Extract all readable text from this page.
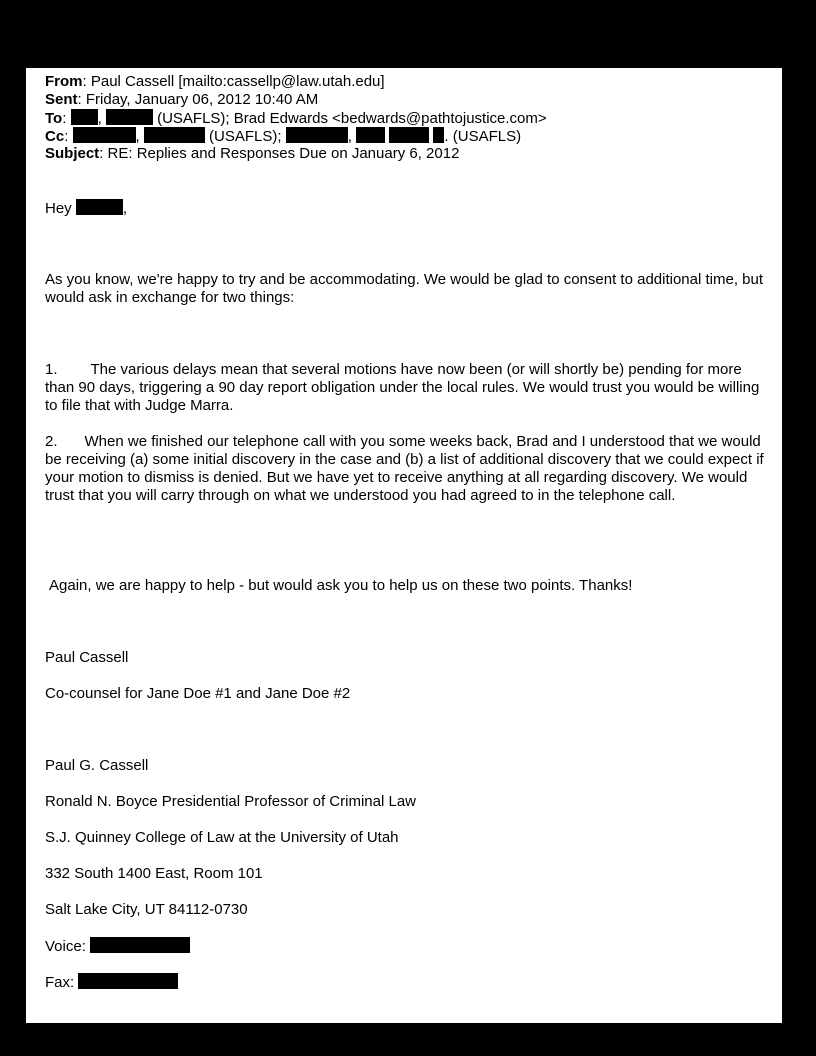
From: Paul Cassell [mailto:cassellp@law.utah.edu]
Sent: Friday, January 06, 2012 10:40 AM
To: ,	(USAFLS); Brad Edwards <bedwards@pathtojustice.com>
Cc:	,	(USAFLS);	,	. (USAFLS)
Subject: RE: Replies and Responses Due on January 6, 2012
Hey	,
As you know, we're happy to try and be accommodating. We would be glad to consent to additional time, but would ask in exchange for two things:
1. The various delays mean that several motions have now been (or will shortly be) pending for more than 90 days, triggering a 90 day report obligation under the local rules. We would trust you would be willing to file that with Judge Marra.
2. When we finished our telephone call with you some weeks back, Brad and I understood that we would be receiving (a) some initial discovery in the case and (b) a list of additional discovery that we could expect if your motion to dismiss is denied. But we have yet to receive anything at all regarding discovery. We would trust that you will carry through on what we understood you had agreed to in the telephone call.
Again, we are happy to help - but would ask you to help us on these two points. Thanks!
Paul Cassell
Co-counsel for Jane Doe #1 and Jane Doe #2
Paul G. Cassell
Ronald N. Boyce Presidential Professor of Criminal Law
S.J. Quinney College of Law at the University of Utah
332 South 1400 East, Room 101
Salt Lake City, UT 84112-0730
Voice:
Fax:
